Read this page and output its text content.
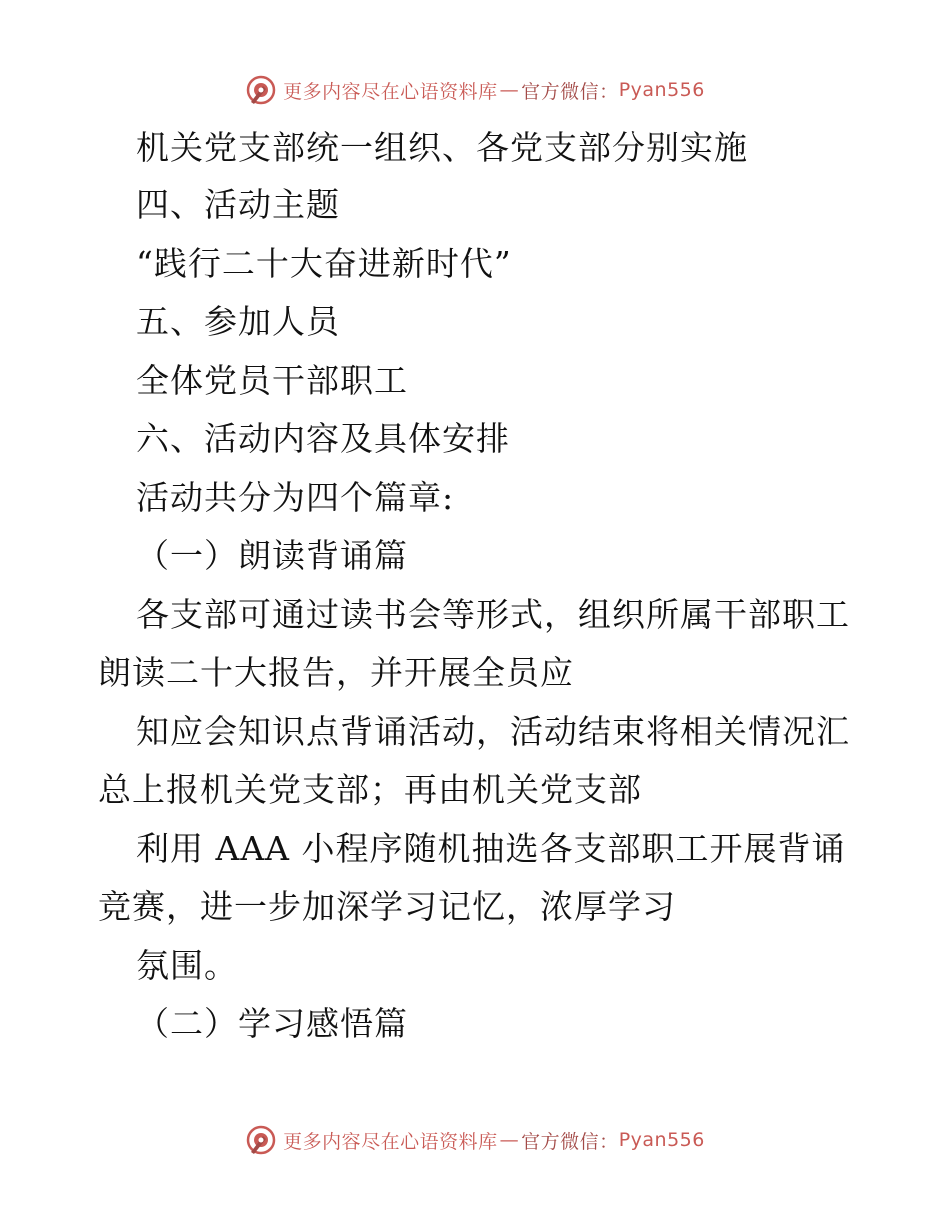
更多内容尽在心语资料库 — 官方微信： Pyan556
机关党支部统一组织、各党支部分别实施
四、活动主题
“践行二十大奋进新时代”
五、参加人员
全体党员干部职工
六、活动内容及具体安排
活动共分为四个篇章:
（一）朗读背诵篇
各支部可通过读书会等形式，组织所属干部职工
朗读二十大报告，并开展全员应
知应会知识点背诵活动，活动结束将相关情况汇
总上报机关党支部；再由机关党支部
利用 AAA 小程序随机抽选各支部职工开展背诵
竞赛，进一步加深学习记忆，浓厚学习
氛围。
（二）学习感悟篇
更多内容尽在心语资料库 — 官方微信： Pyan556
